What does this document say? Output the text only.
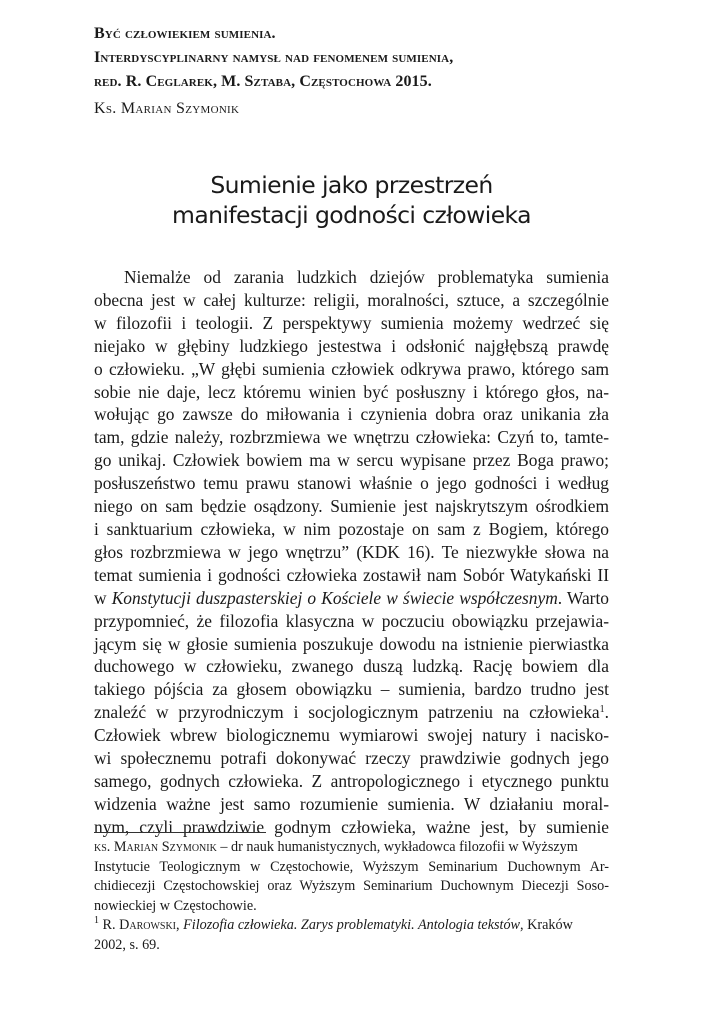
Być człowiekiem sumienia.
Interdyscyplinarny namysł nad fenomenem sumienia,
red. R. Ceglarek, M. Sztaba, Częstochowa 2015.
Ks. Marian Szymonik
Sumienie jako przestrzeń
manifestacji godności człowieka
Niemalże od zarania ludzkich dziejów problematyka sumienia
obecna jest w całej kulturze: religii, moralności, sztuce, a szczególnie
w filozofii i teologii. Z perspektywy sumienia możemy wedrzeć się
niejako w głębiny ludzkiego jestestwa i odsłonić najgłębszą prawdę
o człowieku. „W głębi sumienia człowiek odkrywa prawo, którego sam
sobie nie daje, lecz któremu winien być posłuszny i którego głos, na-
wołując go zawsze do miłowania i czynienia dobra oraz unikania zła
tam, gdzie należy, rozbrzmiewa we wnętrzu człowieka: Czyń to, tamte-
go unikaj. Człowiek bowiem ma w sercu wypisane przez Boga prawo;
posłuszeństwo temu prawu stanowi właśnie o jego godności i według
niego on sam będzie osądzony. Sumienie jest najskrytszym ośrodkiem
i sanktuarium człowieka, w nim pozostaje on sam z Bogiem, którego
głos rozbrzmiewa w jego wnętrzu” (KDK 16). Te niezwykłe słowa na
temat sumienia i godności człowieka zostawił nam Sobór Watykański II
w Konstytucji duszpasterskiej o Kościele w świecie współczesnym. Warto
przypomnieć, że filozofia klasyczna w poczuciu obowiązku przejawia-
jącym się w głosie sumienia poszukuje dowodu na istnienie pierwiastka
duchowego w człowieku, zwanego duszą ludzką. Rację bowiem dla
takiego pójścia za głosem obowiązku – sumienia, bardzo trudno jest
znaleźć w przyrodniczym i socjologicznym patrzeniu na człowieka$^1$.
Człowiek wbrew biologicznemu wymiarowi swojej natury i nacisko-
wi społecznemu potrafi dokonywać rzeczy prawdziwie godnych jego
samego, godnych człowieka. Z antropologicznego i etycznego punktu
widzenia ważne jest samo rozumienie sumienia. W działaniu moral-
nym, czyli prawdziwie godnym człowieka, ważne jest, by sumienie
ks. Marian Szymonik – dr nauk humanistycznych, wykładowca filozofii w Wyższym
Instytucie Teologicznym w Częstochowie, Wyższym Seminarium Duchownym Ar-
chidiecezji Częstochowskiej oraz Wyższym Seminarium Duchownym Diecezji Soso-
nowieckiej w Częstochowie.
$^1$ R. Darowski, Filozofia człowieka. Zarys problematyki. Antologia tekstów, Kraków
2002, s. 69.
